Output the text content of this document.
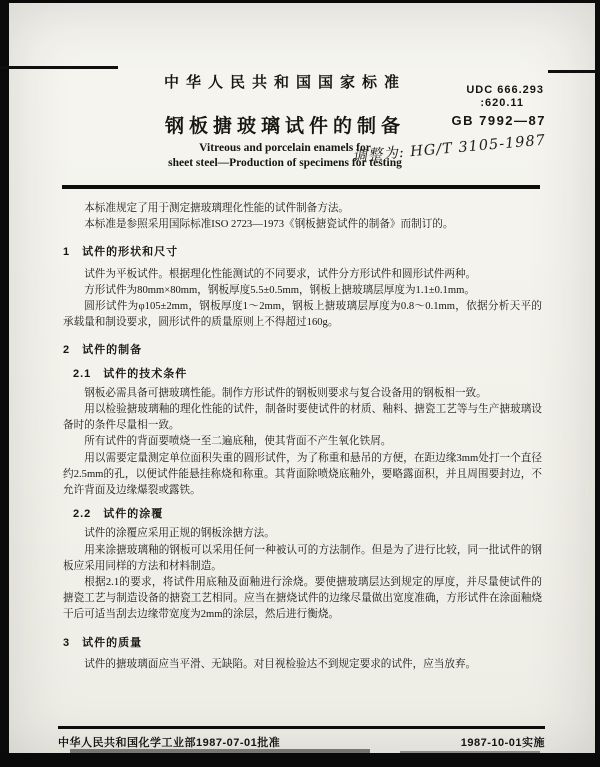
中华人民共和国国家标准	UDC 666.293
:620.11
钢板搪玻璃试件的制备	GB 7992—87
Vitreous and porcelain enamels for
sheet steel—Production of specimens for testing
调整为: HG/T 3105-1987

本标准规定了用于测定搪玻璃理化性能的试件制备方法。

本标准是参照采用国际标准ISO 2723—1973《钢板搪瓷试件的制备》而制订的。

1　试件的形状和尺寸

试件为平板试件。根据理化性能测试的不同要求，试件分方形试件和圆形试件两种。

方形试件为80mm×80mm，钢板厚度5.5±0.5mm，钢板上搪玻璃层厚度为1.1±0.1mm。

圆形试件为φ105±2mm，钢板厚度1～2mm，钢板上搪玻璃层厚度为0.8～0.1mm，依据分析天平的承载量和制设要求，圆形试件的质量原则上不得超过160g。

2　试件的制备
2.1　试件的技术条件

钢板必需具备可搪玻璃性能。制作方形试件的钢板则要求与复合设备用的钢板相一致。

用以检验搪玻璃釉的理化性能的试件，制备时要使试件的材质、釉料、搪瓷工艺等与生产搪玻璃设备时的条件尽量相一致。

所有试件的背面要喷烧一至二遍底釉，使其背面不产生氧化铁屑。

用以需要定量测定单位面积失重的圆形试件，为了称重和悬吊的方便，在距边缘3mm处打一个直径约2.5mm的孔，以便试件能悬挂称烧和称重。其背面除喷烧底釉外，要略露面积，并且周围要封边，不允许背面及边缘爆裂或露铁。

2.2　试件的涂覆

试件的涂覆应采用正规的钢板涂搪方法。

用来涂搪玻璃釉的钢板可以采用任何一种被认可的方法制作。但是为了进行比较，同一批试件的钢板应采用同样的方法和材料制造。

根据2.1的要求，将试件用底釉及面釉进行涂烧。要使搪玻璃层达到规定的厚度，并尽量使试件的搪瓷工艺与制造设备的搪瓷工艺相同。应当在搪烧试件的边缘尽量做出宽度准确，方形试件在涂面釉烧干后可适当刮去边缘带宽度为2mm的涂层，然后进行衡烧。

3　试件的质量

试件的搪玻璃面应当平滑、无缺陷。对目视检验达不到规定要求的试件，应当放弃。

中华人民共和国化学工业部1987-07-01批准	1987-10-01实施
